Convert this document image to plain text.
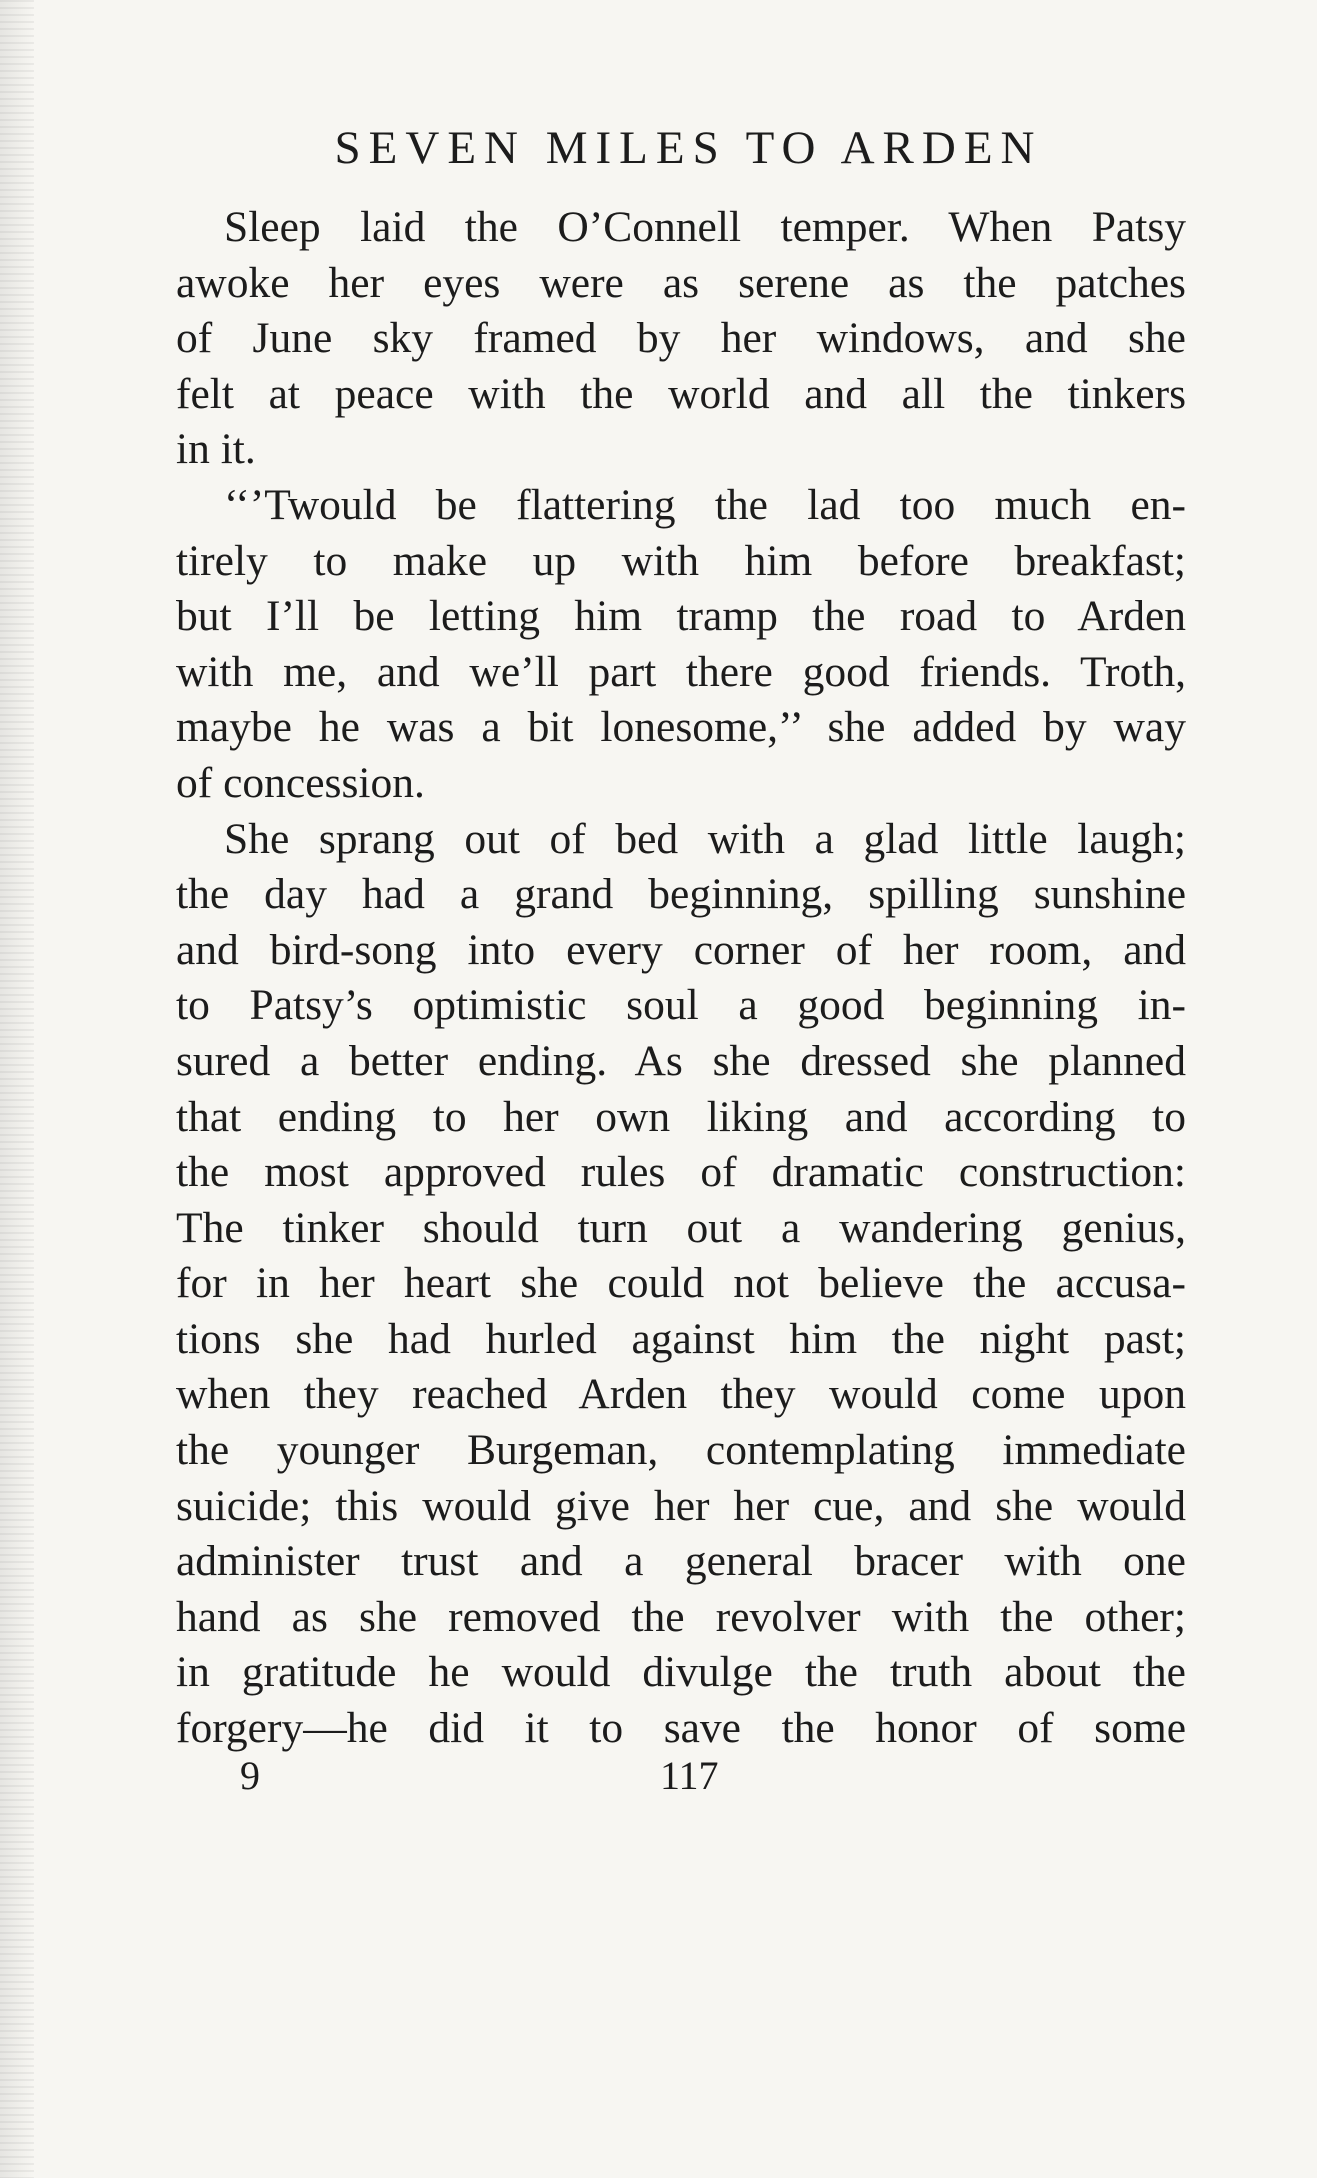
SEVEN MILES TO ARDEN
Sleep laid the O’Connell temper. When Patsy
awoke her eyes were as serene as the patches
of June sky framed by her windows, and she
felt at peace with the world and all the tinkers
in it.
‘‘’Twould be flattering the lad too much en-
tirely to make up with him before breakfast;
but I’ll be letting him tramp the road to Arden
with me, and we’ll part there good friends. Troth,
maybe he was a bit lonesome,’’ she added by way
of concession.
She sprang out of bed with a glad little laugh;
the day had a grand beginning, spilling sunshine
and bird-song into every corner of her room, and
to Patsy’s optimistic soul a good beginning in-
sured a better ending. As she dressed she planned
that ending to her own liking and according to
the most approved rules of dramatic construction:
The tinker should turn out a wandering genius,
for in her heart she could not believe the accusa-
tions she had hurled against him the night past;
when they reached Arden they would come upon
the younger Burgeman, contemplating immediate
suicide; this would give her her cue, and she would
administer trust and a general bracer with one
hand as she removed the revolver with the other;
in gratitude he would divulge the truth about the
forgery—he did it to save the honor of some
9	117
